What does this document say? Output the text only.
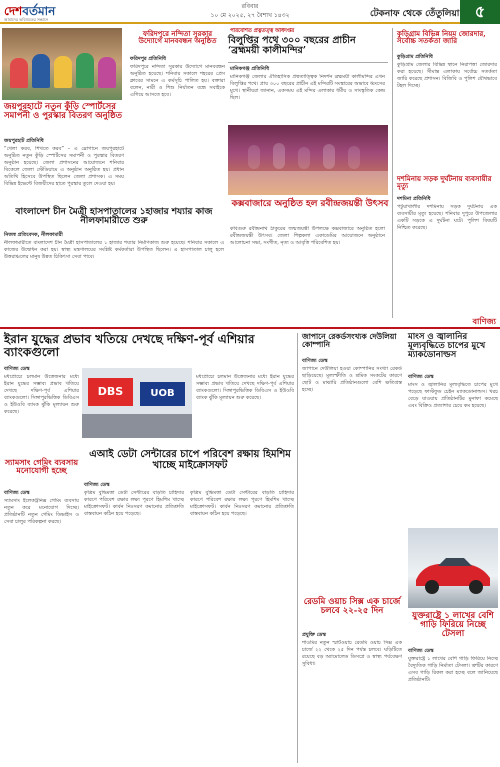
দেশবর্তমান
আমাদের ভবিষ্যতের সন্ধানে
রবিবার
১০ মে ২০২৫, ২৭ বৈশাখ ১৪৩২	টেকনাফ থেকে তেঁতুলিয়া ৫
জয়পুরহাটে নতুন কুঁড়ি স্পোর্টসের সমাপনী ও পুরস্কার বিতরণ অনুষ্ঠিত
জয়পুরহাট প্রতিনিধি
“খেলা করব, শিখতে করব” – এ স্লোগানে জয়পুরহাটে অনুষ্ঠিত নতুন কুঁড়ি স্পোর্টসের সমাপনী ও পুরস্কার বিতরণ অনুষ্ঠান হয়েছে। জেলা প্রশাসনের আয়োজনে শনিবার বিকেলে জেলা স্টেডিয়ামে এ অনুষ্ঠান অনুষ্ঠিত হয়। প্রধান অতিথি হিসেবে উপস্থিত ছিলেন জেলা প্রশাসক। এ সময় বিভিন্ন ইভেন্টে বিজয়ীদের হাতে পুরস্কার তুলে দেওয়া হয়।
ফরিদপুরে নন্দিতা সুরকার উদ্যোগে মানববন্ধন অনুষ্ঠিত
ফরিদপুর প্রতিনিধি
ফরিদপুরে নন্দিতা সুরকার উদ্যোগে মানববন্ধন অনুষ্ঠিত হয়েছে। শনিবার সকালে শহরের প্রেস ক্লাবের সামনে এ কর্মসূচি পালিত হয়। বক্তারা বলেন, নারী ও শিশু নির্যাতন বন্ধে সবাইকে এগিয়ে আসতে হবে।
পরিবেশিত প্রত্নতত্ত্ব অধিদপ্তর
বিলুপ্তির পথে ৩০০ বছরের প্রাচীন ‘ব্রহ্মময়ী কালীমন্দির’
মানিকগঞ্জ প্রতিনিধি
মানিকগঞ্জ জেলার ঐতিহাসিক প্রত্নতাত্ত্বিক নিদর্শন ব্রহ্মময়ী কালীমন্দির এখন বিলুপ্তির পথে। প্রায় ৩০০ বছরের প্রাচীন এই মন্দিরটি সংস্কারের অভাবে ধ্বংসের মুখে। স্থানীয়রা জানান, একসময় এই মন্দির এলাকার ধর্মীয় ও সাংস্কৃতিক কেন্দ্র ছিল।
কক্সবাজারে অনুষ্ঠিত হল রবীন্দ্রজয়ন্তী উৎসব
কবিগুরু রবীন্দ্রনাথ ঠাকুরের জন্মজয়ন্তী উপলক্ষে কক্সবাজারে অনুষ্ঠিত হলো রবীন্দ্রজয়ন্তী উৎসব। জেলা শিল্পকলা একাডেমির আয়োজনে অনুষ্ঠানে আলোচনা সভা, সংগীত, নৃত্য ও আবৃত্তি পরিবেশিত হয়।
কুড়িগ্রাম বিভিন্ন নিয়ম জোরদার, সর্বোচ্চ সতর্কতা জারি
কুড়িগ্রাম প্রতিনিধি
কুড়িগ্রাম জেলার বিভিন্ন স্থানে নিরাপত্তা জোরদার করা হয়েছে। সীমান্ত এলাকায় সর্বোচ্চ সতর্কতা জারি করেছে প্রশাসন। বিজিবি ও পুলিশ যৌথভাবে টহল দিচ্ছে।
দশমিনায় সড়ক দুর্ঘটনায় ব্যবসায়ীর মৃত্যু
দশমিনা প্রতিনিধি
পটুয়াখালীর দশমিনায় সড়ক দুর্ঘটনায় এক ব্যবসায়ীর মৃত্যু হয়েছে। শনিবার দুপুরে উপজেলার একটি সড়কে এ দুর্ঘটনা ঘটে। পুলিশ বিষয়টি নিশ্চিত করেছে।
বাংলাদেশ চীন মৈত্রী হাসপাতালের ১হাজার শয্যার কাজ নীলফামারীতে শুরু
নিজস্ব প্রতিবেদক, নীলফামারী
নীলফামারীতে বাংলাদেশ চীন মৈত্রী হাসপাতালের ১ হাজার শয্যার নির্মাণকাজ শুরু হয়েছে। শনিবার সকালে এ কাজের উদ্বোধন করা হয়। স্বাস্থ্য মন্ত্রণালয়ের সংশ্লিষ্ট কর্মকর্তারা উপস্থিত ছিলেন। এ হাসপাতাল চালু হলে উত্তরাঞ্চলের মানুষ উন্নত চিকিৎসা সেবা পাবে।
বাণিজ্য
ইরান যুদ্ধের প্রভাব খতিয়ে দেখছে দক্ষিণ-পূর্ব এশিয়ার ব্যাংকগুলো
বাণিজ্য ডেস্ক
মধ্যপ্রাচ্যে চলমান উত্তেজনার মধ্যে ইরান যুদ্ধের সম্ভাব্য প্রভাব খতিয়ে দেখছে দক্ষিণ-পূর্ব এশিয়ার ব্যাংকগুলো। সিঙ্গাপুরভিত্তিক ডিবিএস ও ইউওবি ব্যাংক ঝুঁকি মূল্যায়ন শুরু করেছে।
DBS	UOB
মধ্যপ্রাচ্যে চলমান উত্তেজনার মধ্যে ইরান যুদ্ধের সম্ভাব্য প্রভাব খতিয়ে দেখছে দক্ষিণ-পূর্ব এশিয়ার ব্যাংকগুলো। সিঙ্গাপুরভিত্তিক ডিবিএস ও ইউওবি ব্যাংক ঝুঁকি মূল্যায়ন শুরু করেছে।
স্যামসাং গেমিং ব্যবসায় মনোযোগী হচ্ছে
বাণিজ্য ডেস্ক
স্যামসাং ইলেকট্রনিক্স গেমিং ব্যবসায় নতুন করে মনোযোগ দিচ্ছে। প্রতিষ্ঠানটি নতুন গেমিং ডিভাইস ও সেবা চালুর পরিকল্পনা করছে।
এআই ডেটা সেন্টারের চাপে পরিবেশ রক্ষায় হিমশিম খাচ্ছে মাইক্রোসফট
বাণিজ্য ডেস্ক
কৃত্রিম বুদ্ধিমত্তা ডেটা সেন্টারের বাড়তি চাহিদার কারণে পরিবেশ রক্ষার লক্ষ্য পূরণে হিমশিম খাচ্ছে মাইক্রোসফট। কার্বন নিঃসরণ কমানোর প্রতিশ্রুতি বাস্তবায়ন কঠিন হয়ে পড়েছে।
কৃত্রিম বুদ্ধিমত্তা ডেটা সেন্টারের বাড়তি চাহিদার কারণে পরিবেশ রক্ষার লক্ষ্য পূরণে হিমশিম খাচ্ছে মাইক্রোসফট। কার্বন নিঃসরণ কমানোর প্রতিশ্রুতি বাস্তবায়ন কঠিন হয়ে পড়েছে।
জাপানে রেকর্ডসংখ্যক দেউলিয়া কোম্পানি
বাণিজ্য ডেস্ক
জাপানে দেউলিয়া হওয়া কোম্পানির সংখ্যা রেকর্ড ছাড়িয়েছে। মূল্যস্ফীতি ও শ্রমিক সংকটের কারণে ছোট ও মাঝারি প্রতিষ্ঠানগুলো বেশি ক্ষতিগ্রস্ত হচ্ছে।
রেডমি ওয়াচ সিক্স এক চার্জে চলবে ২২-২৫ দিন
প্রযুক্তি ডেস্ক
শাওমির নতুন স্মার্টওয়াচ রেডমি ওয়াচ সিক্স এক চার্জে ২২ থেকে ২৫ দিন পর্যন্ত চলবে। ঘড়িটিতে রয়েছে বড় অ্যামোলেড ডিসপ্লে ও স্বাস্থ্য পর্যবেক্ষণ সুবিধা।
মাংস ও জ্বালানির মূল্যবৃদ্ধিতে চাপের মুখে ম্যাকডোনাল্ডস
বাণিজ্য ডেস্ক
মাংস ও জ্বালানির মূল্যবৃদ্ধিতে চাপের মুখে পড়েছে ফাস্টফুড চেইন ম্যাকডোনাল্ডস। খরচ বেড়ে যাওয়ায় প্রতিষ্ঠানটির মুনাফা কমেছে এবং বিক্রিও প্রত্যাশার চেয়ে কম হয়েছে।
যুক্তরাষ্ট্রে ১ লাখের বেশি গাড়ি ফিরিয়ে নিচ্ছে টেসলা
বাণিজ্য ডেস্ক
যুক্তরাষ্ট্রে ১ লাখের বেশি গাড়ি ফিরিয়ে নিচ্ছে বৈদ্যুতিক গাড়ি নির্মাতা টেসলা। ত্রুটির কারণে এসব গাড়ি রিকল করা হচ্ছে বলে জানিয়েছে প্রতিষ্ঠানটি।
